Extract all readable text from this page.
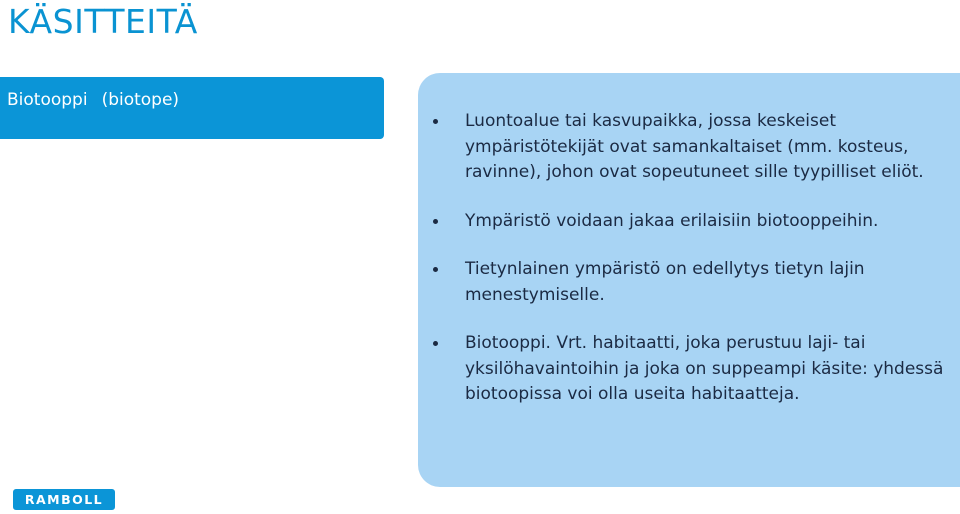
KÄSITTEITÄ
Biotooppi (biotope)
Luontoalue tai kasvupaikka, jossa keskeiset ympäristötekijät ovat samankaltaiset (mm. kosteus, ravinne), johon ovat sopeutuneet sille tyypilliset eliöt.
Ympäristö voidaan jakaa erilaisiin biotooppeihin.
Tietynlainen ympäristö on edellytys tietyn lajin menestymiselle.
Biotooppi. Vrt. habitaatti, joka perustuu laji- tai yksilöhavaintoihin ja joka on suppeampi käsite: yhdessä biotoopissa voi olla useita habitaatteja.
RAMBOLL
